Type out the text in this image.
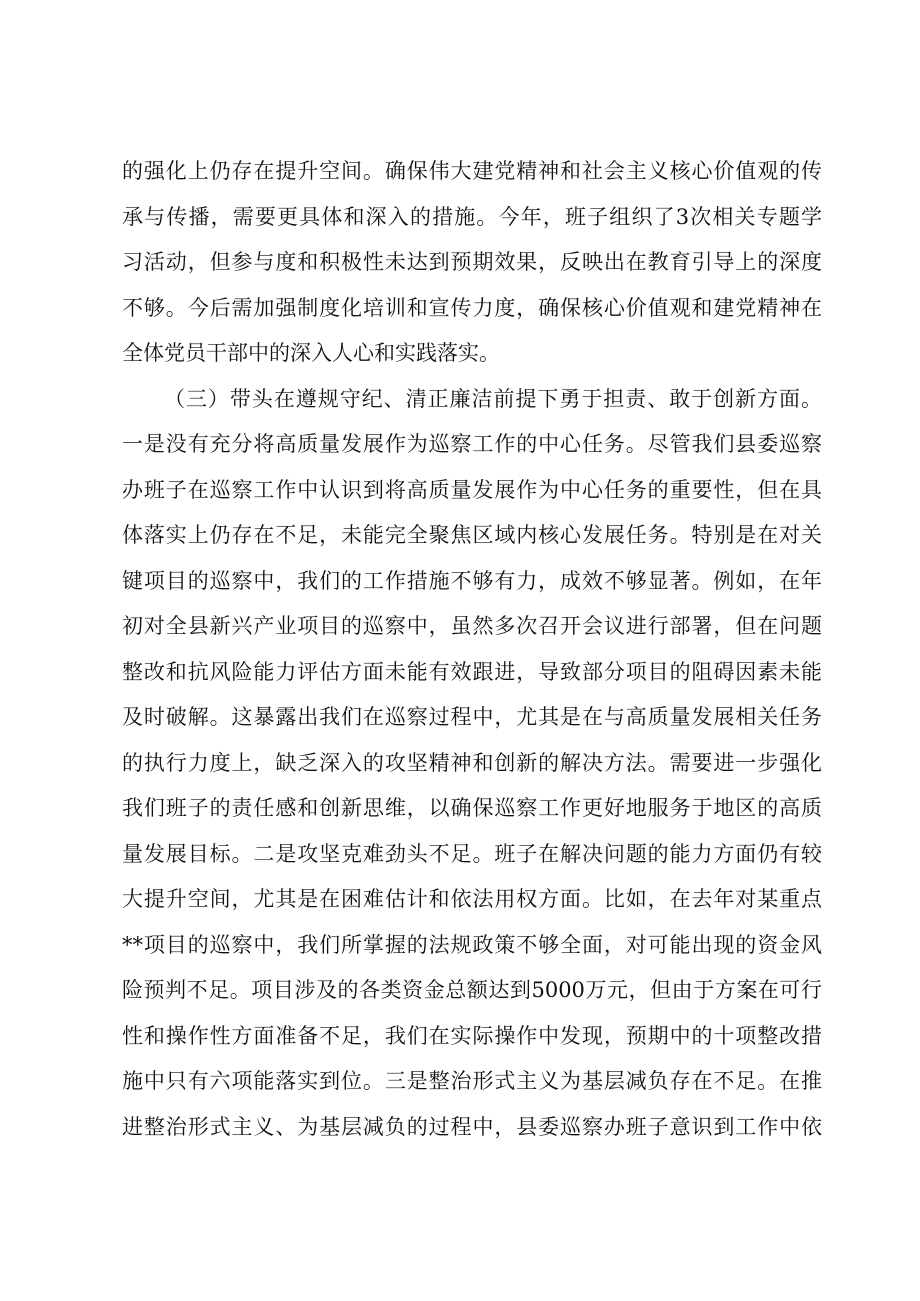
的强化上仍存在提升空间。确保伟大建党精神和社会主义核心价值观的传
承与传播，需要更具体和深入的措施。今年，班子组织了3次相关专题学
习活动，但参与度和积极性未达到预期效果，反映出在教育引导上的深度
不够。今后需加强制度化培训和宣传力度，确保核心价值观和建党精神在
全体党员干部中的深入人心和实践落实。
（三）带头在遵规守纪、清正廉洁前提下勇于担责、敢于创新方面。
一是没有充分将高质量发展作为巡察工作的中心任务。尽管我们县委巡察
办班子在巡察工作中认识到将高质量发展作为中心任务的重要性，但在具
体落实上仍存在不足，未能完全聚焦区域内核心发展任务。特别是在对关
键项目的巡察中，我们的工作措施不够有力，成效不够显著。例如，在年
初对全县新兴产业项目的巡察中，虽然多次召开会议进行部署，但在问题
整改和抗风险能力评估方面未能有效跟进，导致部分项目的阻碍因素未能
及时破解。这暴露出我们在巡察过程中，尤其是在与高质量发展相关任务
的执行力度上，缺乏深入的攻坚精神和创新的解决方法。需要进一步强化
我们班子的责任感和创新思维，以确保巡察工作更好地服务于地区的高质
量发展目标。二是攻坚克难劲头不足。班子在解决问题的能力方面仍有较
大提升空间，尤其是在困难估计和依法用权方面。比如，在去年对某重点
**项目的巡察中，我们所掌握的法规政策不够全面，对可能出现的资金风
险预判不足。项目涉及的各类资金总额达到5000万元，但由于方案在可行
性和操作性方面准备不足，我们在实际操作中发现，预期中的十项整改措
施中只有六项能落实到位。三是整治形式主义为基层减负存在不足。在推
进整治形式主义、为基层减负的过程中，县委巡察办班子意识到工作中依
